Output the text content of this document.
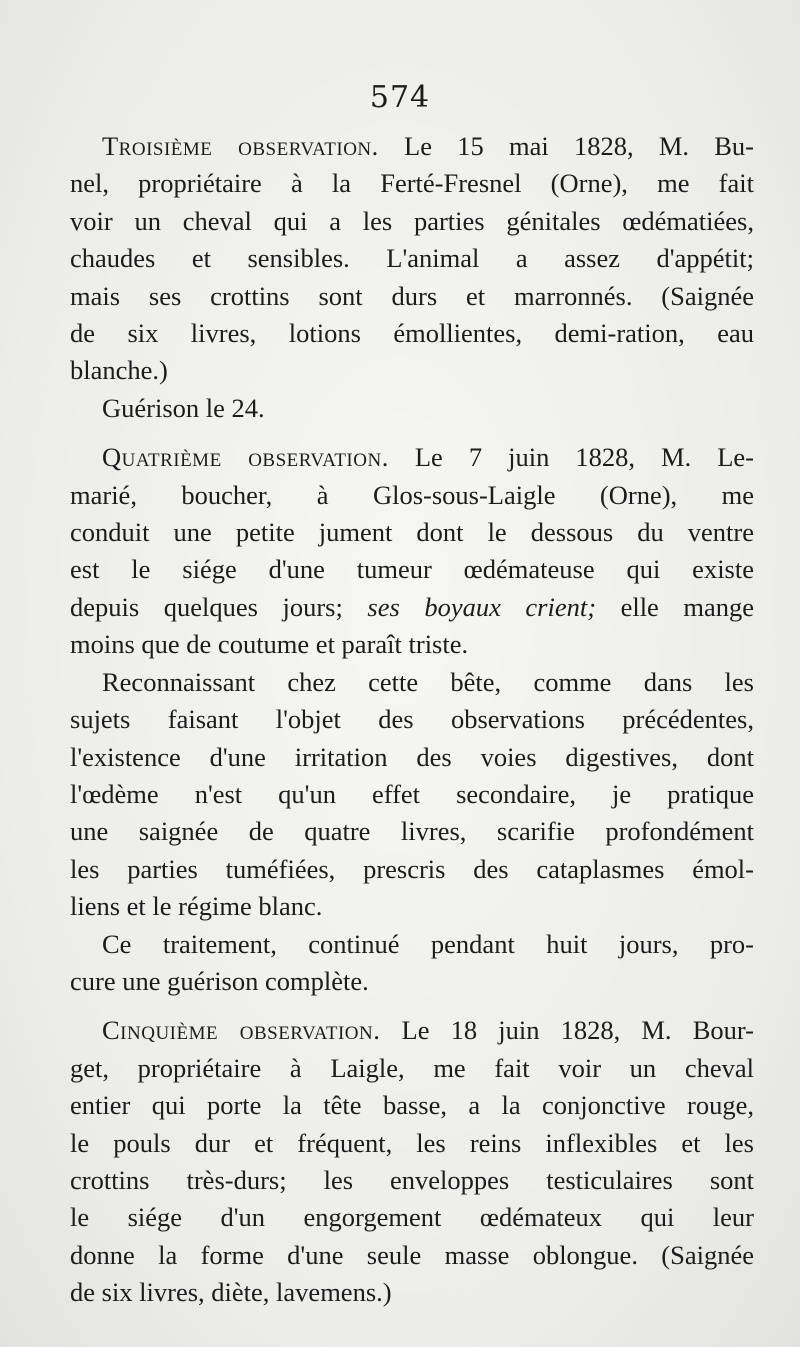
574

Troisième observation. Le 15 mai 1828, M. Bu-
nel, propriétaire à la Ferté-Fresnel (Orne), me fait
voir un cheval qui a les parties génitales œdématiées,
chaudes et sensibles. L'animal a assez d'appétit;
mais ses crottins sont durs et marronnés. (Saignée
de six livres, lotions émollientes, demi-ration, eau
blanche.)

Guérison le 24.

Quatrième observation. Le 7 juin 1828, M. Le-
marié, boucher, à Glos-sous-Laigle (Orne), me
conduit une petite jument dont le dessous du ventre
est le siége d'une tumeur œdémateuse qui existe
depuis quelques jours; ses boyaux crient; elle mange
moins que de coutume et paraît triste.

Reconnaissant chez cette bête, comme dans les
sujets faisant l'objet des observations précédentes,
l'existence d'une irritation des voies digestives, dont
l'œdème n'est qu'un effet secondaire, je pratique
une saignée de quatre livres, scarifie profondément
les parties tuméfiées, prescris des cataplasmes émol-
liens et le régime blanc.

Ce traitement, continué pendant huit jours, pro-
cure une guérison complète.

Cinquième observation. Le 18 juin 1828, M. Bour-
get, propriétaire à Laigle, me fait voir un cheval
entier qui porte la tête basse, a la conjonctive rouge,
le pouls dur et fréquent, les reins inflexibles et les
crottins très-durs; les enveloppes testiculaires sont
le siége d'un engorgement œdémateux qui leur
donne la forme d'une seule masse oblongue. (Saignée
de six livres, diète, lavemens.)
